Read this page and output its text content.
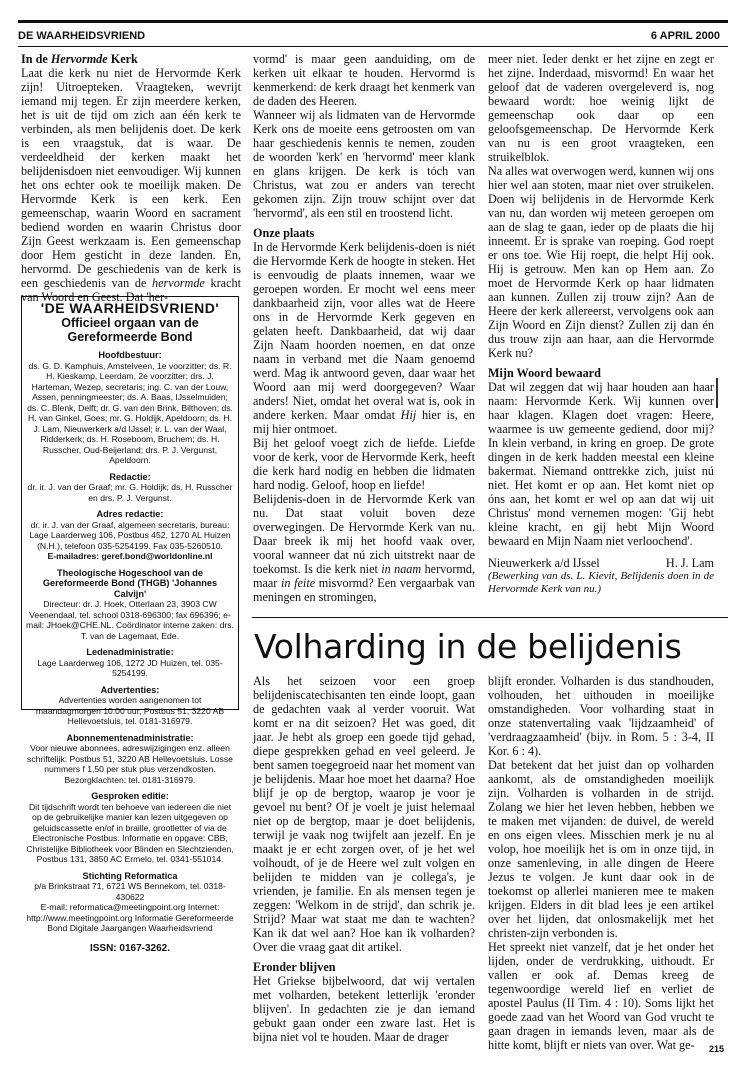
DE WAARHEIDSVRIEND	6 APRIL 2000

In de Hervormde Kerk

Laat die kerk nu niet de Hervormde Kerk zijn! Uitroepteken. Vraagteken, wevrijt iemand mij tegen. Er zijn meerdere kerken, het is uit de tijd om zich aan één kerk te verbinden, als men belijdenis doet. De kerk is een vraagstuk, dat is waar. De verdeeldheid der kerken maakt het belijdenisdoen niet eenvoudiger. Wij kunnen het ons echter ook te moeilijk maken. De Hervormde Kerk is een kerk. Een gemeenschap, waarin Woord en sacrament bediend worden en waarin Christus door Zijn Geest werkzaam is. Een gemeenschap door Hem gesticht in deze landen. En, hervormd. De geschiedenis van de kerk is een geschiedenis van de hervormde kracht van Woord en Geest. Dat 'her-

'DE WAARHEIDSVRIEND'
Officieel orgaan van de Gereformeerde Bond
Hoofdbestuur:

ds. G. D. Kamphuis, Amstelveen, 1e voorzitter; ds. R. H. Kieskamp, Leerdam, 2e voorzitter; drs. J. Harteman, Wezep, secretaris; ing. C. van der Louw, Assen, penningmeester; ds. A. Baas, IJsselmuiden; ds. C. Blenk, Delft; dr. G. van den Brink, Bilthoven; ds. H. van Ginkel, Goes; mr. G. Holdijk, Apeldoorn; ds. H. J. Lam, Nieuwerkerk a/d IJssel; ir. L. van der Waal, Ridderkerk; ds. H. Roseboom, Bruchem; ds. H. Russcher, Oud-Beijerland; drs. P. J. Vergunst, Apeldoorn.

Redactie:

dr. ir. J. van der Graaf; mr. G. Holdijk; ds. H. Russcher en drs. P. J. Vergunst.

Adres redactie:

dr. ir. J. van der Graaf, algemeen secretaris, bureau: Lage Laarderweg 106, Postbus 452, 1270 AL Huizen (N.H.), telefoon 035-5254199. Fax 035-5260510.

E-mailadres: geref.bond@worldonline.nl

Theologische Hogeschool van de Gereformeerde Bond (THGB) 'Johannes Calvijn'

Directeur: dr. J. Hoek, Otterlaan 23, 3903 CW Veenendaal, tel. school 0318-696300; fax 696396; e-mail: JHoek@CHE.NL. Coördinator interne zaken: drs. T. van de Lagemaat, Ede.

Ledenadministratie:

Lage Laarderweg 106, 1272 JD Huizen, tel. 035-5254199.

Advertenties:

Advertenties worden aangenomen tot maandagmorgen 10.00 uur, Postbus 51, 3220 AB Hellevoetsluis, tel. 0181-316979.

Abonnementenadministratie:

Voor nieuwe abonnees, adreswijzigingen enz. alleen schriftelijk: Postbus 51, 3220 AB Hellevoetsluis. Losse nummers f 1,50 per stuk plus verzendkosten. Bezorgklachten: tel. 0181-316979.

Gesproken editie:

Dit tijdschrift wordt ten behoeve van iedereen die niet op de gebruikelijke manier kan lezen uitgegeven op geluidscassette en/of in braille, grootletter of via de Electronische Postbus. Informatie en opgave: CBB, Christelijke Bibliotheek voor Blinden en Slechtzienden, Postbus 131, 3850 AC Ermelo, tel. 0341-551014.

Stichting Reformatica

p/a Brinkstraat 71, 6721 WS Bennekom, tel. 0318-430622

E-mail: reformatica@meetingpoint.org Internet: http://www.meetingpoint.org Informatie Gereformeerde Bond Digitale Jaargangen Waarheidsvriend

ISSN: 0167-3262.

vormd' is maar geen aanduiding, om de kerken uit elkaar te houden. Hervormd is kenmerkend: de kerk draagt het kenmerk van de daden des Heeren.

Wanneer wij als lidmaten van de Hervormde Kerk ons de moeite eens getroosten om van haar geschiedenis kennis te nemen, zouden de woorden 'kerk' en 'hervormd' meer klank en glans krijgen. De kerk is tóch van Christus, wat zou er anders van terecht gekomen zijn. Zijn trouw schijnt over dat 'hervormd', als een stil en troostend licht.

Onze plaats

In de Hervormde Kerk belijdenis-doen is niét die Hervormde Kerk de hoogte in steken. Het is eenvoudig de plaats innemen, waar we geroepen worden. Er mocht wel eens meer dankbaarheid zijn, voor alles wat de Heere ons in de Hervormde Kerk gegeven en gelaten heeft. Dankbaarheid, dat wij daar Zijn Naam hoorden noemen, en dat onze naam in verband met die Naam genoemd werd. Mag ik antwoord geven, daar waar het Woord aan mij werd doorgegeven? Waar anders! Niet, omdat het overal wat is, ook in andere kerken. Maar omdat Hij hier is, en mij hier ontmoet.

Bij het geloof voegt zich de liefde. Liefde voor de kerk, voor de Hervormde Kerk, heeft die kerk hard nodig en hebben die lidmaten hard nodig. Geloof, hoop en liefde!

Belijdenis-doen in de Hervormde Kerk van nu. Dat staat voluit boven deze overwegingen. De Hervormde Kerk van nu. Daar breek ik mij het hoofd vaak over, vooral wanneer dat nú zich uitstrekt naar de toekomst. Is die kerk niet in naam hervormd, maar in feite misvormd? Een vergaarbak van meningen en stromingen,

meer niet. Ieder denkt er het zijne en zegt er het zijne. Inderdaad, misvormd! En waar het geloof dat de vaderen overgeleverd is, nog bewaard wordt: hoe weinig lijkt de gemeenschap ook daar op een geloofsgemeenschap. De Hervormde Kerk van nu is een groot vraagteken, een struikelblok.

Na alles wat overwogen werd, kunnen wij ons hier wel aan stoten, maar niet over struikelen. Doen wij belijdenis in de Hervormde Kerk van nu, dan worden wij meteen geroepen om aan de slag te gaan, ieder op de plaats die hij inneemt. Er is sprake van roeping. God roept er ons toe. Wie Hij roept, die helpt Hij ook. Hij is getrouw. Men kan op Hem aan. Zo moet de Hervormde Kerk op haar lidmaten aan kunnen. Zullen zij trouw zijn? Aan de Heere der kerk allereerst, vervolgens ook aan Zijn Woord en Zijn dienst? Zullen zij dan én dus trouw zijn aan haar, aan die Hervormde Kerk nu?

Mijn Woord bewaard

Dat wil zeggen dat wij haar houden aan haar naam: Hervormde Kerk. Wij kunnen over haar klagen. Klagen doet vragen: Heere, waarmee is uw gemeente gediend, door mij? In klein verband, in kring en groep. De grote dingen in de kerk hadden meestal een kleine bakermat. Niemand onttrekke zich, juist nú niet. Het komt er op aan. Het komt niet op óns aan, het komt er wel op aan dat wij uit Christus' mond vernemen mogen: 'Gij hebt kleine kracht, en gij hebt Mijn Woord bewaard en Mijn Naam niet verloochend'.

Nieuwerkerk a/d IJssel	H. J. Lam

(Bewerking van ds. L. Kievit, Belijdenis doen in de Hervormde Kerk van nu.)

Volharding in de belijdenis

Als het seizoen voor een groep belijdeniscatechisanten ten einde loopt, gaan de gedachten vaak al verder vooruit. Wat komt er na dit seizoen? Het was goed, dit jaar. Je hebt als groep een goede tijd gehad, diepe gesprekken gehad en veel geleerd. Je bent samen toegegroeid naar het moment van je belijdenis. Maar hoe moet het daarna? Hoe blijf je op de bergtop, waarop je voor je gevoel nu bent? Of je voelt je juist helemaal niet op de bergtop, maar je doet belijdenis, terwijl je vaak nog twijfelt aan jezelf. En je maakt je er echt zorgen over, of je het wel volhoudt, of je de Heere wel zult volgen en belijden te midden van je collega's, je vrienden, je familie. En als mensen tegen je zeggen: 'Welkom in de strijd', dan schrik je. Strijd? Maar wat staat me dan te wachten? Kan ik dat wel aan? Hoe kan ik volharden? Over die vraag gaat dit artikel.

Eronder blijven

Het Griekse bijbelwoord, dat wij vertalen met volharden, betekent letterlijk 'eronder blijven'. In gedachten zie je dan iemand gebukt gaan onder een zware last. Het is bijna niet vol te houden. Maar de drager

blijft eronder. Volharden is dus standhouden, volhouden, het uithouden in moeilijke omstandigheden. Voor volharding staat in onze statenvertaling vaak 'lijdzaamheid' of 'verdraagzaamheid' (bijv. in Rom. 5 : 3-4, II Kor. 6 : 4).

Dat betekent dat het juist dan op volharden aankomt, als de omstandigheden moeilijk zijn. Volharden is volharden in de strijd. Zolang we hier het leven hebben, hebben we te maken met vijanden: de duivel, de wereld en ons eigen vlees. Misschien merk je nu al volop, hoe moeilijk het is om in onze tijd, in onze samenleving, in alle dingen de Heere Jezus te volgen. Je kunt daar ook in de toekomst op allerlei manieren mee te maken krijgen. Elders in dit blad lees je een artikel over het lijden, dat onlosmakelijk met het christen-zijn verbonden is.

Het spreekt niet vanzelf, dat je het onder het lijden, onder de verdrukking, uithoudt. Er vallen er ook af. Demas kreeg de tegenwoordige wereld lief en verliet de apostel Paulus (II Tim. 4 : 10). Soms lijkt het goede zaad van het Woord van God vrucht te gaan dragen in iemands leven, maar als de hitte komt, blijft er niets van over. Wat ge-	215
